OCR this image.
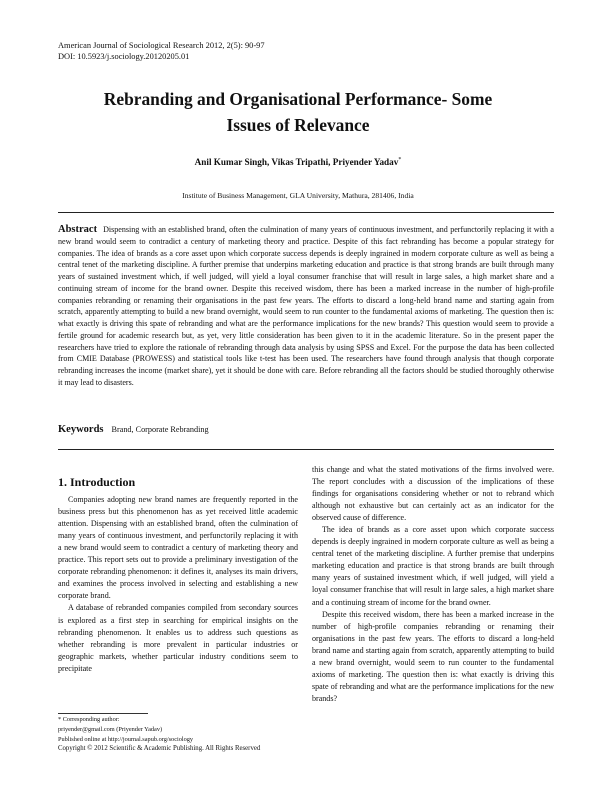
American Journal of Sociological Research 2012, 2(5): 90-97
DOI: 10.5923/j.sociology.20120205.01
Rebranding and Organisational Performance- Some
Issues of Relevance
Anil Kumar Singh, Vikas Tripathi, Priyender Yadav*
Institute of Business Management, GLA University, Mathura, 281406, India
Abstract Dispensing with an established brand, often the culmination of many years of continuous investment, and perfunctorily replacing it with a new brand would seem to contradict a century of marketing theory and practice. Despite of this fact rebranding has become a popular strategy for companies. The idea of brands as a core asset upon which corporate success depends is deeply ingrained in modern corporate culture as well as being a central tenet of the marketing discipline. A further premise that underpins marketing education and practice is that strong brands are built through many years of sustained investment which, if well judged, will yield a loyal consumer franchise that will result in large sales, a high market share and a continuing stream of income for the brand owner. Despite this received wisdom, there has been a marked increase in the number of high-profile companies rebranding or renaming their organisations in the past few years. The efforts to discard a long-held brand name and starting again from scratch, apparently attempting to build a new brand overnight, would seem to run counter to the fundamental axioms of marketing. The question then is: what exactly is driving this spate of rebranding and what are the performance implications for the new brands? This question would seem to provide a fertile ground for academic research but, as yet, very little consideration has been given to it in the academic literature. So in the present paper the researchers have tried to explore the rationale of rebranding through data analysis by using SPSS and Excel. For the purpose the data has been collected from CMIE Database (PROWESS) and statistical tools like t-test has been used. The researchers have found through analysis that though corporate rebranding increases the income (market share), yet it should be done with care. Before rebranding all the factors should be studied thoroughly otherwise it may lead to disasters.
Keywords Brand, Corporate Rebranding
1. Introduction

Companies adopting new brand names are frequently reported in the business press but this phenomenon has as yet received little academic attention. Dispensing with an established brand, often the culmination of many years of continuous investment, and perfunctorily replacing it with a new brand would seem to contradict a century of marketing theory and practice. This report sets out to provide a preliminary investigation of the corporate rebranding phenomenon: it defines it, analyses its main drivers, and examines the process involved in selecting and establishing a new corporate brand.

A database of rebranded companies compiled from secondary sources is explored as a first step in searching for empirical insights on the rebranding phenomenon. It enables us to address such questions as whether rebranding is more prevalent in particular industries or geographic markets, whether particular industry conditions seem to precipitate

this change and what the stated motivations of the firms involved were. The report concludes with a discussion of the implications of these findings for organisations considering whether or not to rebrand which although not exhaustive but can certainly act as an indicator for the observed cause of difference.

The idea of brands as a core asset upon which corporate success depends is deeply ingrained in modern corporate culture as well as being a central tenet of the marketing discipline. A further premise that underpins marketing education and practice is that strong brands are built through many years of sustained investment which, if well judged, will yield a loyal consumer franchise that will result in large sales, a high market share and a continuing stream of income for the brand owner.

Despite this received wisdom, there has been a marked increase in the number of high-profile companies rebranding or renaming their organisations in the past few years. The efforts to discard a long-held brand name and starting again from scratch, apparently attempting to build a new brand overnight, would seem to run counter to the fundamental axioms of marketing. The question then is: what exactly is driving this spate of rebranding and what are the performance implications for the new brands?

* Corresponding author:
priyender@gmail.com (Priyender Yadav)
Published online at http://journal.sapub.org/sociology
Copyright © 2012 Scientific & Academic Publishing. All Rights Reserved
